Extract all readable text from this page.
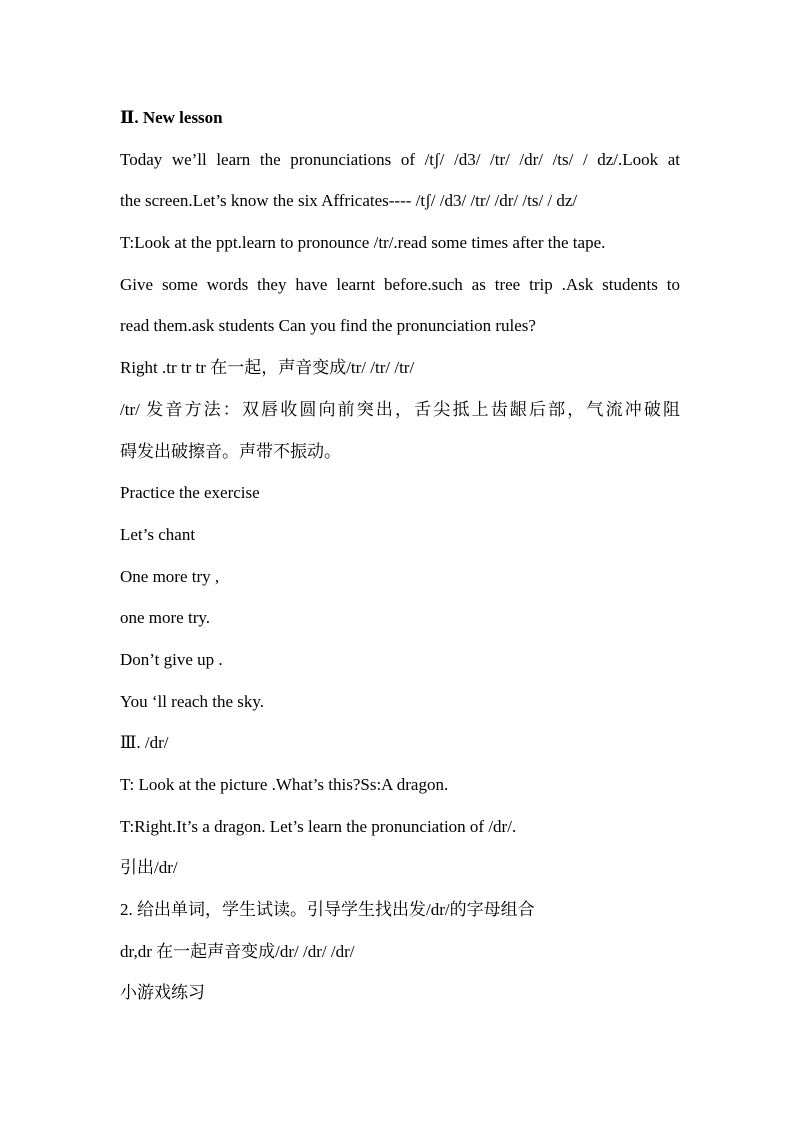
Ⅱ. New lesson
Today we’ll learn the pronunciations of /tʃ/ /d3/ /tr/ /dr/ /ts/ / dz/.Look at
the screen.Let’s know the six Affricates---- /tʃ/ /d3/ /tr/ /dr/ /ts/ / dz/
T:Look at the ppt.learn to pronounce /tr/.read some times after the tape.
Give some words they have learnt before.such as tree trip .Ask students to
read them.ask students Can you find the pronunciation rules?
Right .tr tr tr 在一起，声音变成/tr/ /tr/ /tr/
/tr/ 发音方法：双唇收圆向前突出，舌尖抵上齿龈后部，气流冲破阻
碍发出破擦音。声带不振动。
Practice the exercise
Let’s chant
One more try ,
one more try.
Don’t give up .
You ‘ll reach the sky.
Ⅲ. /dr/
T: Look at the picture .What’s this?Ss:A dragon.
T:Right.It’s a dragon. Let’s learn the pronunciation of /dr/.
引出/dr/
2. 给出单词，学生试读。引导学生找出发/dr/的字母组合
dr,dr 在一起声音变成/dr/ /dr/ /dr/
小游戏练习
